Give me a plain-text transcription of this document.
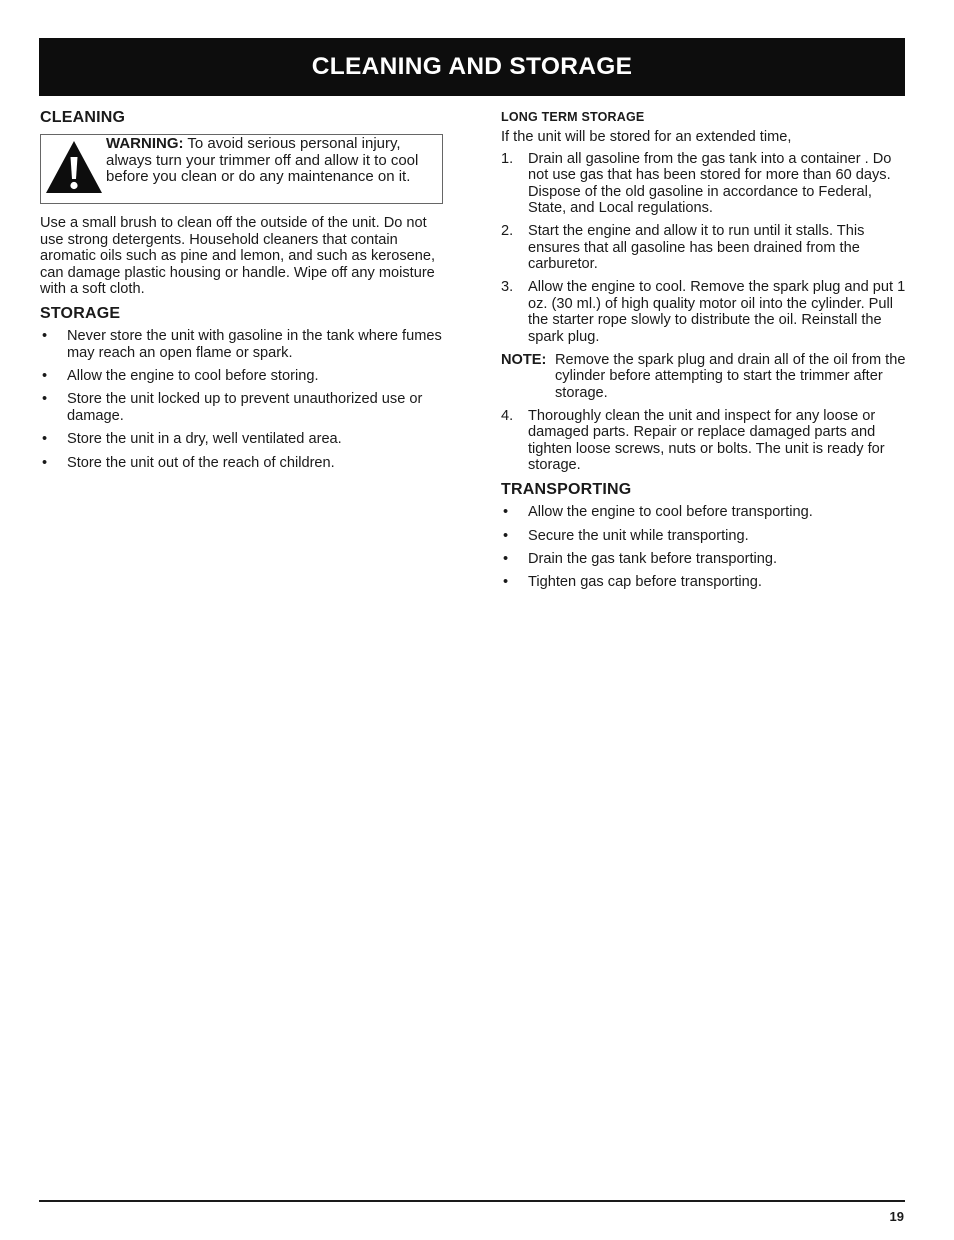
CLEANING AND STORAGE
CLEANING
WARNING: To avoid serious personal injury, always turn your trimmer off and allow it to cool before you clean or do any maintenance on it.
Use a small brush to clean off the outside of the unit. Do not use strong detergents. Household cleaners that contain aromatic oils such as pine and lemon, and such as kerosene, can damage plastic housing or handle. Wipe off any moisture with a soft cloth.
STORAGE
• Never store the unit with gasoline in the tank where fumes may reach an open flame or spark.
• Allow the engine to cool before storing.
• Store the unit locked up to prevent unauthorized use or damage.
• Store the unit in a dry, well ventilated area.
• Store the unit out of the reach of children.
LONG TERM STORAGE
If the unit will be stored for an extended time,
1. Drain all gasoline from the gas tank into a container . Do not use gas that has been stored for more than 60 days. Dispose of the old gasoline in accordance to Federal, State, and Local regulations.
2. Start the engine and allow it to run until it stalls. This ensures that all gasoline has been drained from the carburetor.
3. Allow the engine to cool. Remove the spark plug and put 1 oz. (30 ml.) of high quality motor oil into the cylinder. Pull the starter rope slowly to distribute the oil. Reinstall the spark plug.
NOTE: Remove the spark plug and drain all of the oil from the cylinder before attempting to start the trimmer after storage.
4. Thoroughly clean the unit and inspect for any loose or damaged parts. Repair or replace damaged parts and tighten loose screws, nuts or bolts. The unit is ready for storage.
TRANSPORTING
• Allow the engine to cool before transporting.
• Secure the unit while transporting.
• Drain the gas tank before transporting.
• Tighten gas cap before transporting.
19
